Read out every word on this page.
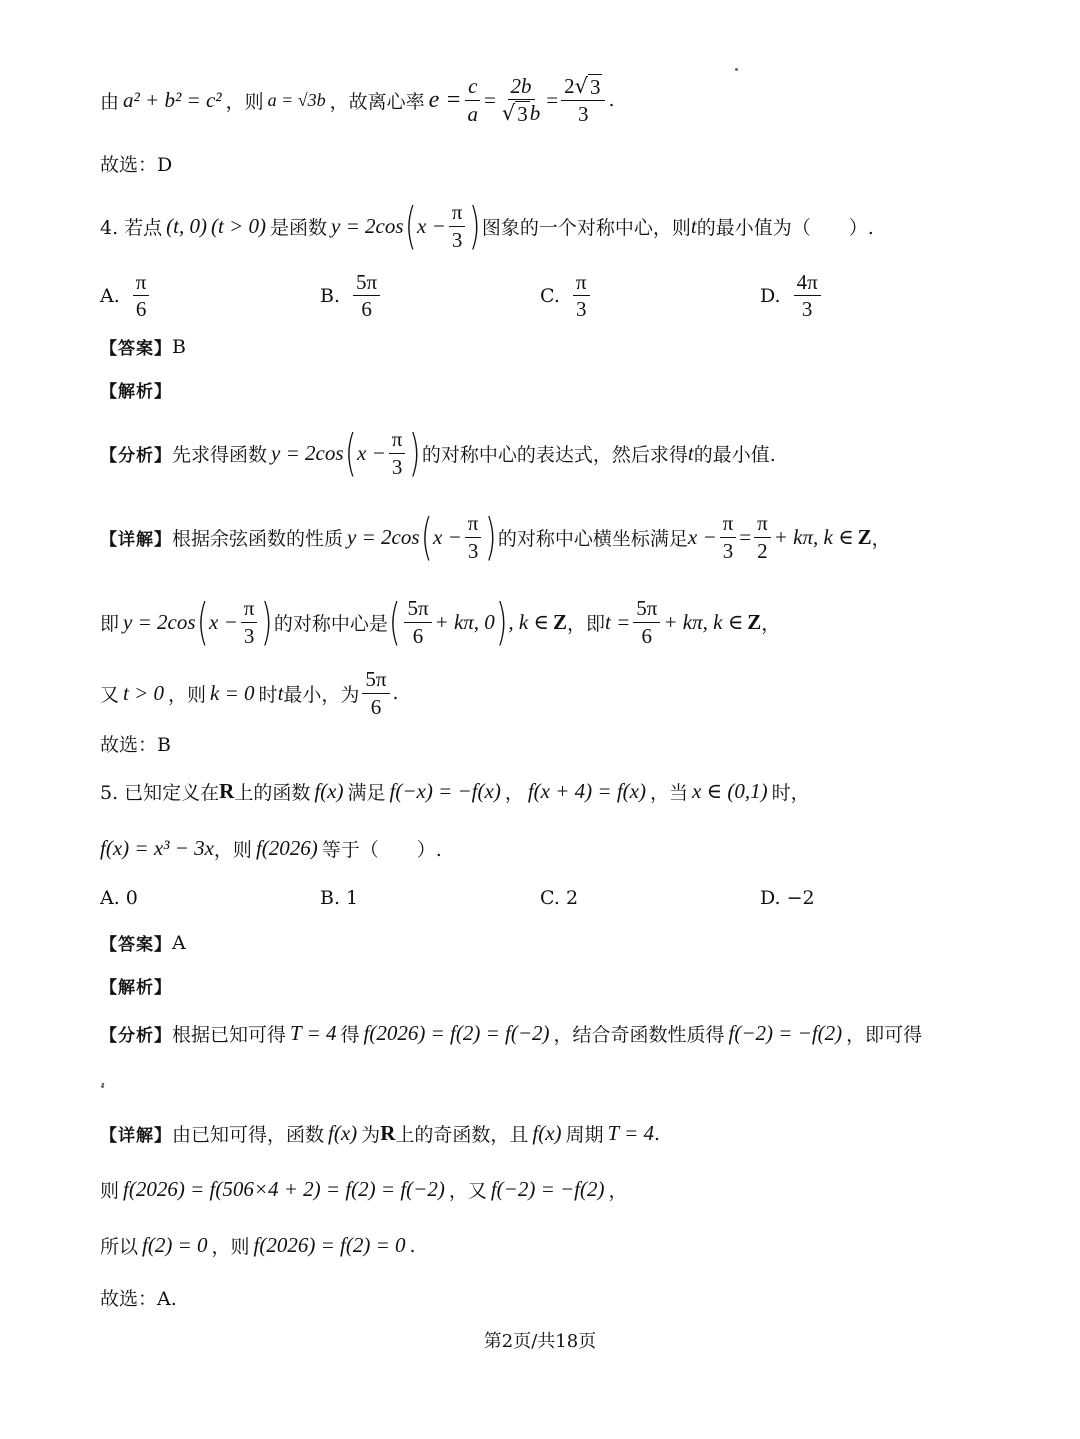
由 a² + b² = c² ，则 a = √3b ，故离心率 $e = \frac{c}{a} = \frac{2b}{√ 3 b} = \frac{2 √ 3}{3}$ .
故选：D
4. 若点 (t, 0) (t > 0) 是函数 y = 2cos ( $x - \frac{\pi}{3}$ ) 图象的一个对称中心，则 t 的最小值为（　　）.
A. $\frac{\pi}{6}$	B. $\frac{5\pi}{6}$	C. $\frac{\pi}{3}$	D. $\frac{4\pi}{3}$
【答案】 B
【解析】
【分析】 先求得函数 y = 2cos ( $x - \frac{\pi}{3}$ ) 的对称中心的表达式，然后求得 t 的最小值.
【详解】 根据余弦函数的性质 y = 2cos ( $x - \frac{\pi}{3}$ ) 的对称中心横坐标满足 $x - \frac{\pi}{3} = \frac{\pi}{2} + k\pi$, k ∈ Z ，
即 y = 2cos ( $x - \frac{\pi}{3}$ ) 的对称中心是 ( $\frac{5\pi}{6} + k\pi$, 0 ) , k ∈ Z ，即 $t = \frac{5\pi}{6} + k\pi$, k ∈ Z ，
又 t > 0 ，则 k = 0 时 t 最小，为 $\frac{5\pi}{6}$ .
故选：B
5. 已知定义在 R 上的函数 f(x) 满足 f(−x) = −f(x) ， f(x + 4) = f(x) ，当 x ∈ (0,1) 时，
f(x) = x³ − 3x ，则 f(2026) 等于（　　）.
A. 0	B. 1	C. 2	D. −2
【答案】 A
【解析】
【分析】 根据已知可得 T = 4 得 f(2026) = f(2) = f(−2) ，结合奇函数性质得 f(−2) = −f(2) ，即可得
.
【详解】 由已知可得，函数 f(x) 为 R 上的奇函数，且 f(x) 周期 T = 4 .
则 f(2026) = f(506×4 + 2) = f(2) = f(−2) ，又 f(−2) = −f(2) ，
所以 f(2) = 0 ，则 f(2026) = f(2) = 0 .
故选：A.
第2页/共18页
